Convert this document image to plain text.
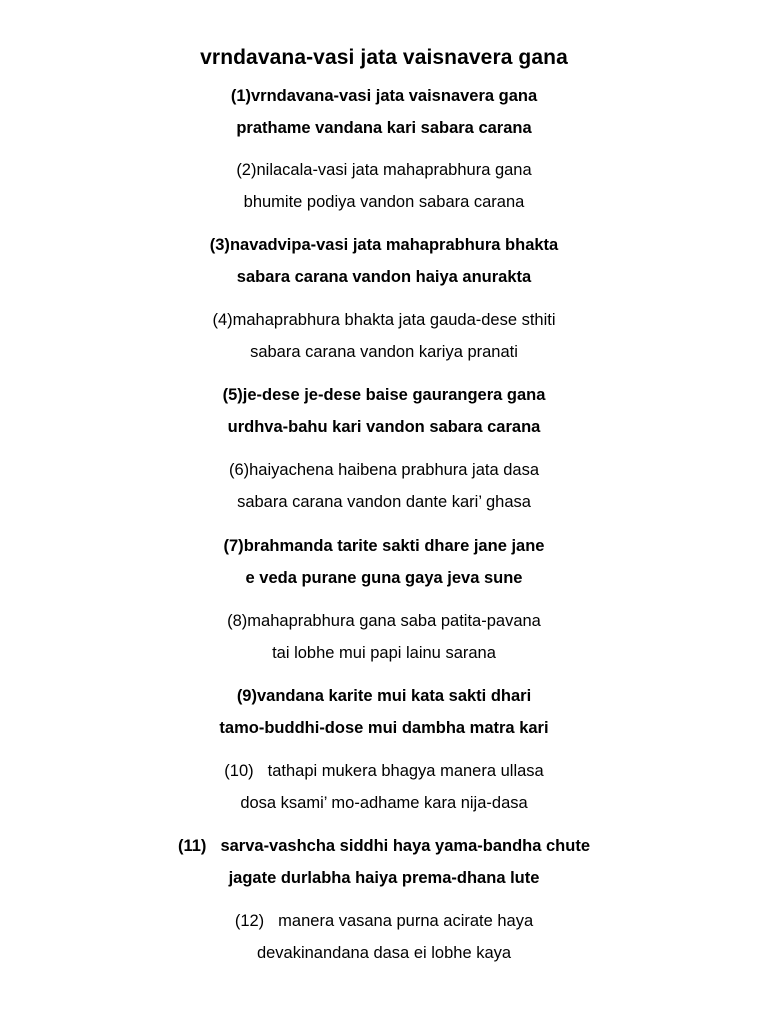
vrndavana-vasi jata vaisnavera gana
(1)vrndavana-vasi jata vaisnavera gana
prathame vandana kari sabara carana
(2)nilacala-vasi jata mahaprabhura gana
bhumite podiya vandon sabara carana
(3)navadvipa-vasi jata mahaprabhura bhakta
sabara carana vandon haiya anurakta
(4)mahaprabhura bhakta jata gauda-dese sthiti
sabara carana vandon kariya pranati
(5)je-dese je-dese baise gaurangera gana
urdhva-bahu kari vandon sabara carana
(6)haiyachena haibena prabhura jata dasa
sabara carana vandon dante kari’ ghasa
(7)brahmanda tarite sakti dhare jane jane
e veda purane guna gaya jeva sune
(8)mahaprabhura gana saba patita-pavana
tai lobhe mui papi lainu sarana
(9)vandana karite mui kata sakti dhari
tamo-buddhi-dose mui dambha matra kari
(10) tathapi mukera bhagya manera ullasa
dosa ksami’ mo-adhame kara nija-dasa
(11) sarva-vashcha siddhi haya yama-bandha chute
jagate durlabha haiya prema-dhana lute
(12) manera vasana purna acirate haya
devakinandana dasa ei lobhe kaya
